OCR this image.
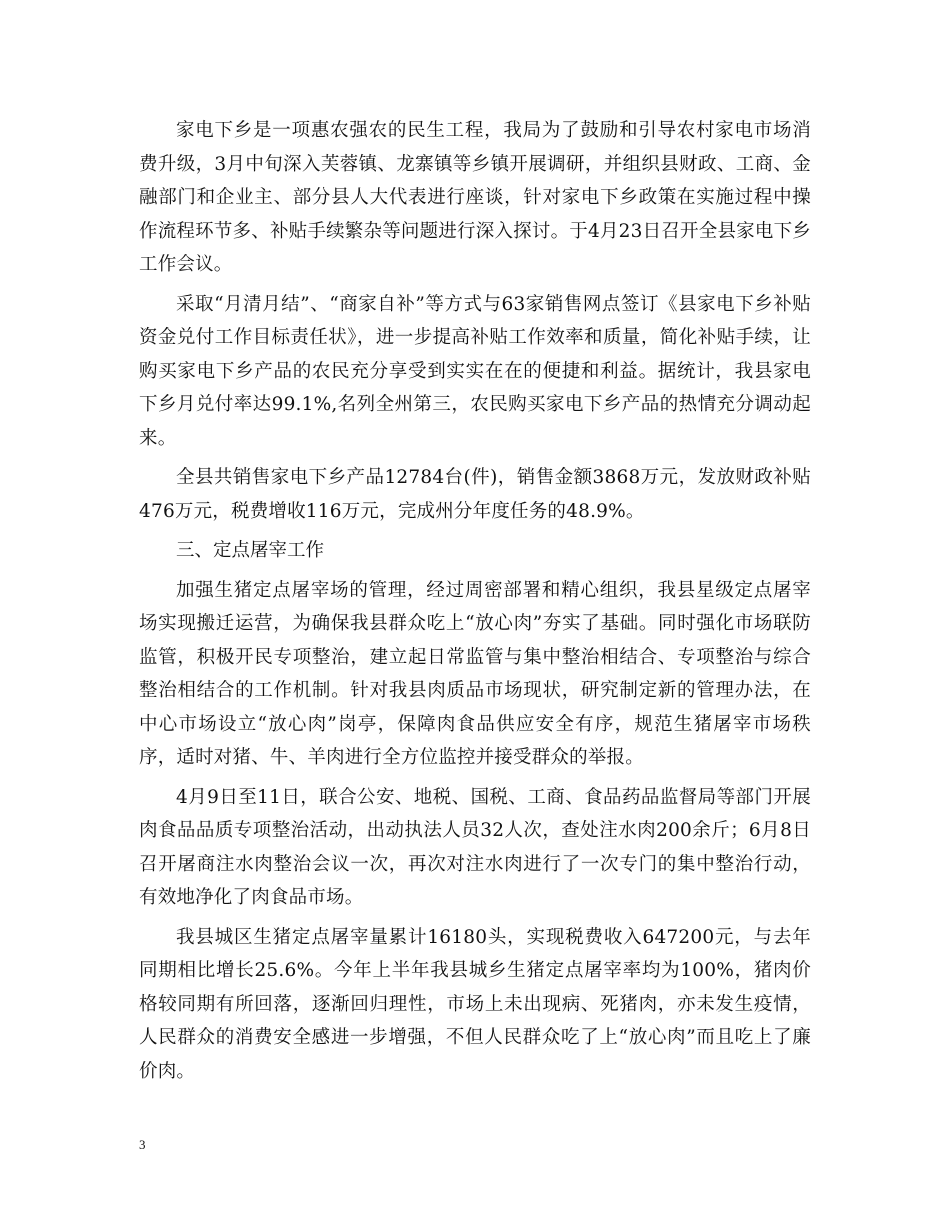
家电下乡是一项惠农强农的民生工程，我局为了鼓励和引导农村家电市场消费升级，3月中旬深入芙蓉镇、龙寨镇等乡镇开展调研，并组织县财政、工商、金融部门和企业主、部分县人大代表进行座谈，针对家电下乡政策在实施过程中操作流程环节多、补贴手续繁杂等问题进行深入探讨。于4月23日召开全县家电下乡工作会议。

采取“月清月结”、“商家自补”等方式与63家销售网点签订《县家电下乡补贴资金兑付工作目标责任状》，进一步提高补贴工作效率和质量，简化补贴手续，让购买家电下乡产品的农民充分享受到实实在在的便捷和利益。据统计，我县家电下乡月兑付率达99.1%,名列全州第三，农民购买家电下乡产品的热情充分调动起来。

全县共销售家电下乡产品12784台(件)，销售金额3868万元，发放财政补贴476万元，税费增收116万元，完成州分年度任务的48.9%。

三、定点屠宰工作

加强生猪定点屠宰场的管理，经过周密部署和精心组织，我县星级定点屠宰场实现搬迁运营，为确保我县群众吃上“放心肉”夯实了基础。同时强化市场联防监管，积极开民专项整治，建立起日常监管与集中整治相结合、专项整治与综合整治相结合的工作机制。针对我县肉质品市场现状，研究制定新的管理办法，在中心市场设立“放心肉”岗亭，保障肉食品供应安全有序，规范生猪屠宰市场秩序，适时对猪、牛、羊肉进行全方位监控并接受群众的举报。

4月9日至11日，联合公安、地税、国税、工商、食品药品监督局等部门开展肉食品品质专项整治活动，出动执法人员32人次，查处注水肉200余斤；6月8日召开屠商注水肉整治会议一次，再次对注水肉进行了一次专门的集中整治行动，有效地净化了肉食品市场。

我县城区生猪定点屠宰量累计16180头，实现税费收入647200元，与去年同期相比增长25.6%。今年上半年我县城乡生猪定点屠宰率均为100%，猪肉价格较同期有所回落，逐渐回归理性，市场上未出现病、死猪肉，亦未发生疫情，人民群众的消费安全感进一步增强，不但人民群众吃了上“放心肉”而且吃上了廉价肉。

3
